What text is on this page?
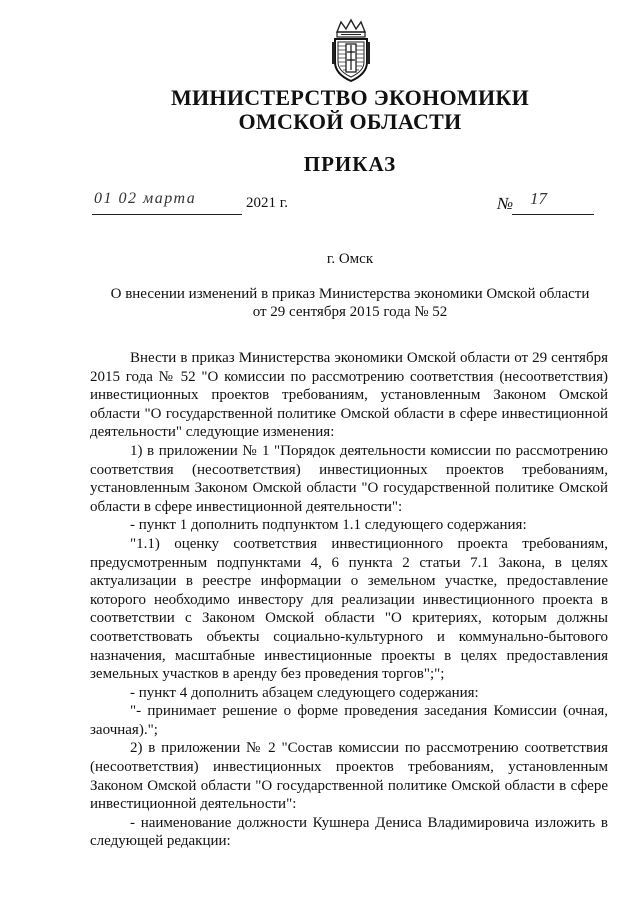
МИНИСТЕРСТВО ЭКОНОМИКИ
ОМСКОЙ ОБЛАСТИ
ПРИКАЗ
01 02 марта	2021 г.	№ 17
г. Омск
О внесении изменений в приказ Министерства экономики Омской области
от 29 сентября 2015 года № 52

Внести в приказ Министерства экономики Омской области от 29 сентября 2015 года № 52 "О комиссии по рассмотрению соответствия (несоответствия) инвестиционных проектов требованиям, установленным Законом Омской области "О государственной политике Омской области в сфере инвестиционной деятельности" следующие изменения:

1) в приложении № 1 "Порядок деятельности комиссии по рассмотрению соответствия (несоответствия) инвестиционных проектов требованиям, установленным Законом Омской области "О государственной политике Омской области в сфере инвестиционной деятельности":

- пункт 1 дополнить подпунктом 1.1 следующего содержания:

"1.1) оценку соответствия инвестиционного проекта требованиям, предусмотренным подпунктами 4, 6 пункта 2 статьи 7.1 Закона, в целях актуализации в реестре информации о земельном участке, предоставление которого необходимо инвестору для реализации инвестиционного проекта в соответствии с Законом Омской области "О критериях, которым должны соответствовать объекты социально-культурного и коммунально-бытового назначения, масштабные инвестиционные проекты в целях предоставления земельных участков в аренду без проведения торгов";";

- пункт 4 дополнить абзацем следующего содержания:

"- принимает решение о форме проведения заседания Комиссии (очная, заочная).";

2) в приложении № 2 "Состав комиссии по рассмотрению соответствия (несоответствия) инвестиционных проектов требованиям, установленным Законом Омской области "О государственной политике Омской области в сфере инвестиционной деятельности":

- наименование должности Кушнера Дениса Владимировича изложить в следующей редакции:
